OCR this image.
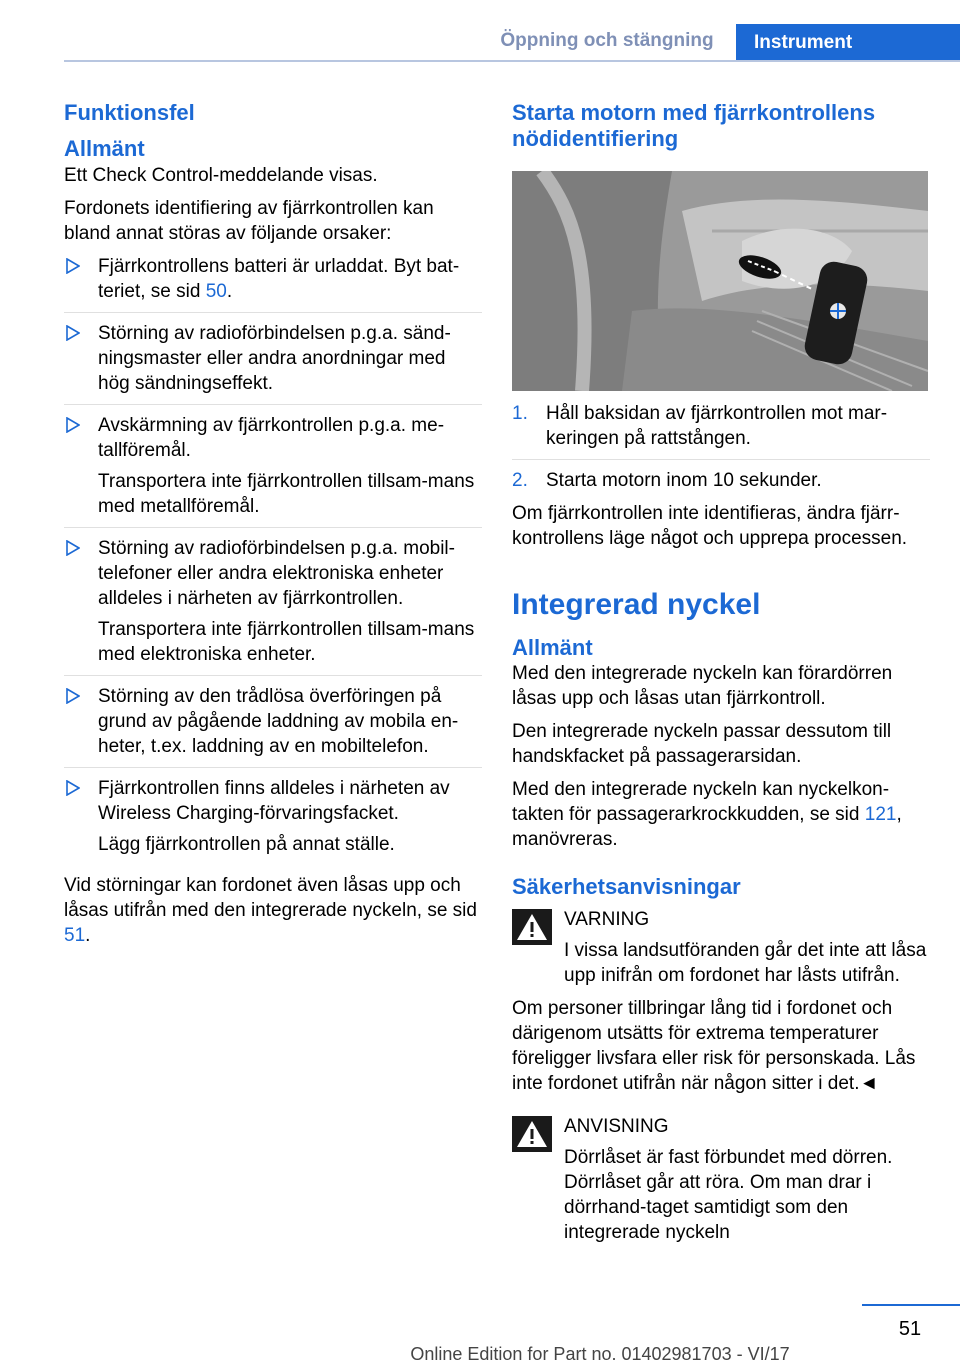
Öppning och stängning	Instrument
Funktionsfel
Allmänt

Ett Check Control-meddelande visas.

Fordonets identifiering av fjärrkontrollen kan bland annat störas av följande orsaker:

Fjärrkontrollens batteri är urladdat. Byt bat‐teriet, se sid 50.
Störning av radioförbindelsen p.g.a. sänd‐ningsmaster eller andra anordningar med hög sändningseffekt.
Avskärmning av fjärrkontrollen p.g.a. me‐tallföremål.

Transportera inte fjärrkontrollen tillsam‐mans med metallföremål.

Störning av radioförbindelsen p.g.a. mobil‐telefoner eller andra elektroniska enheter alldeles i närheten av fjärrkontrollen.

Transportera inte fjärrkontrollen tillsam‐mans med elektroniska enheter.

Störning av den trådlösa överföringen på grund av pågående laddning av mobila en‐heter, t.ex. laddning av en mobiltelefon.
Fjärrkontrollen finns alldeles i närheten av Wireless Charging-förvaringsfacket.

Lägg fjärrkontrollen på annat ställe.

Vid störningar kan fordonet även låsas upp och låsas utifrån med den integrerade nyckeln, se sid 51.

Starta motorn med fjärrkontrollens nödidentifiering
1. Håll baksidan av fjärrkontrollen mot mar‐keringen på rattstången.
2. Starta motorn inom 10 sekunder.

Om fjärrkontrollen inte identifieras, ändra fjärr‐kontrollens läge något och upprepa processen.

Integrerad nyckel
Allmänt

Med den integrerade nyckeln kan förardörren låsas upp och låsas utan fjärrkontroll.

Den integrerade nyckeln passar dessutom till handskfacket på passagerarsidan.

Med den integrerade nyckeln kan nyckelkon‐takten för passagerarkrockkudden, se sid 121, manövreras.

Säkerhetsanvisningar

VARNING

I vissa landsutföranden går det inte att låsa upp inifrån om fordonet har låsts utifrån.

Om personer tillbringar lång tid i fordonet och därigenom utsätts för extrema temperaturer föreligger livsfara eller risk för personskada. Lås inte fordonet utifrån när någon sitter i det.◄

ANVISNING

Dörrlåset är fast förbundet med dörren. Dörrlåset går att röra. Om man drar i dörrhand‐taget samtidigt som den integrerade nyckeln

51
Online Edition for Part no. 01402981703 - VI/17
